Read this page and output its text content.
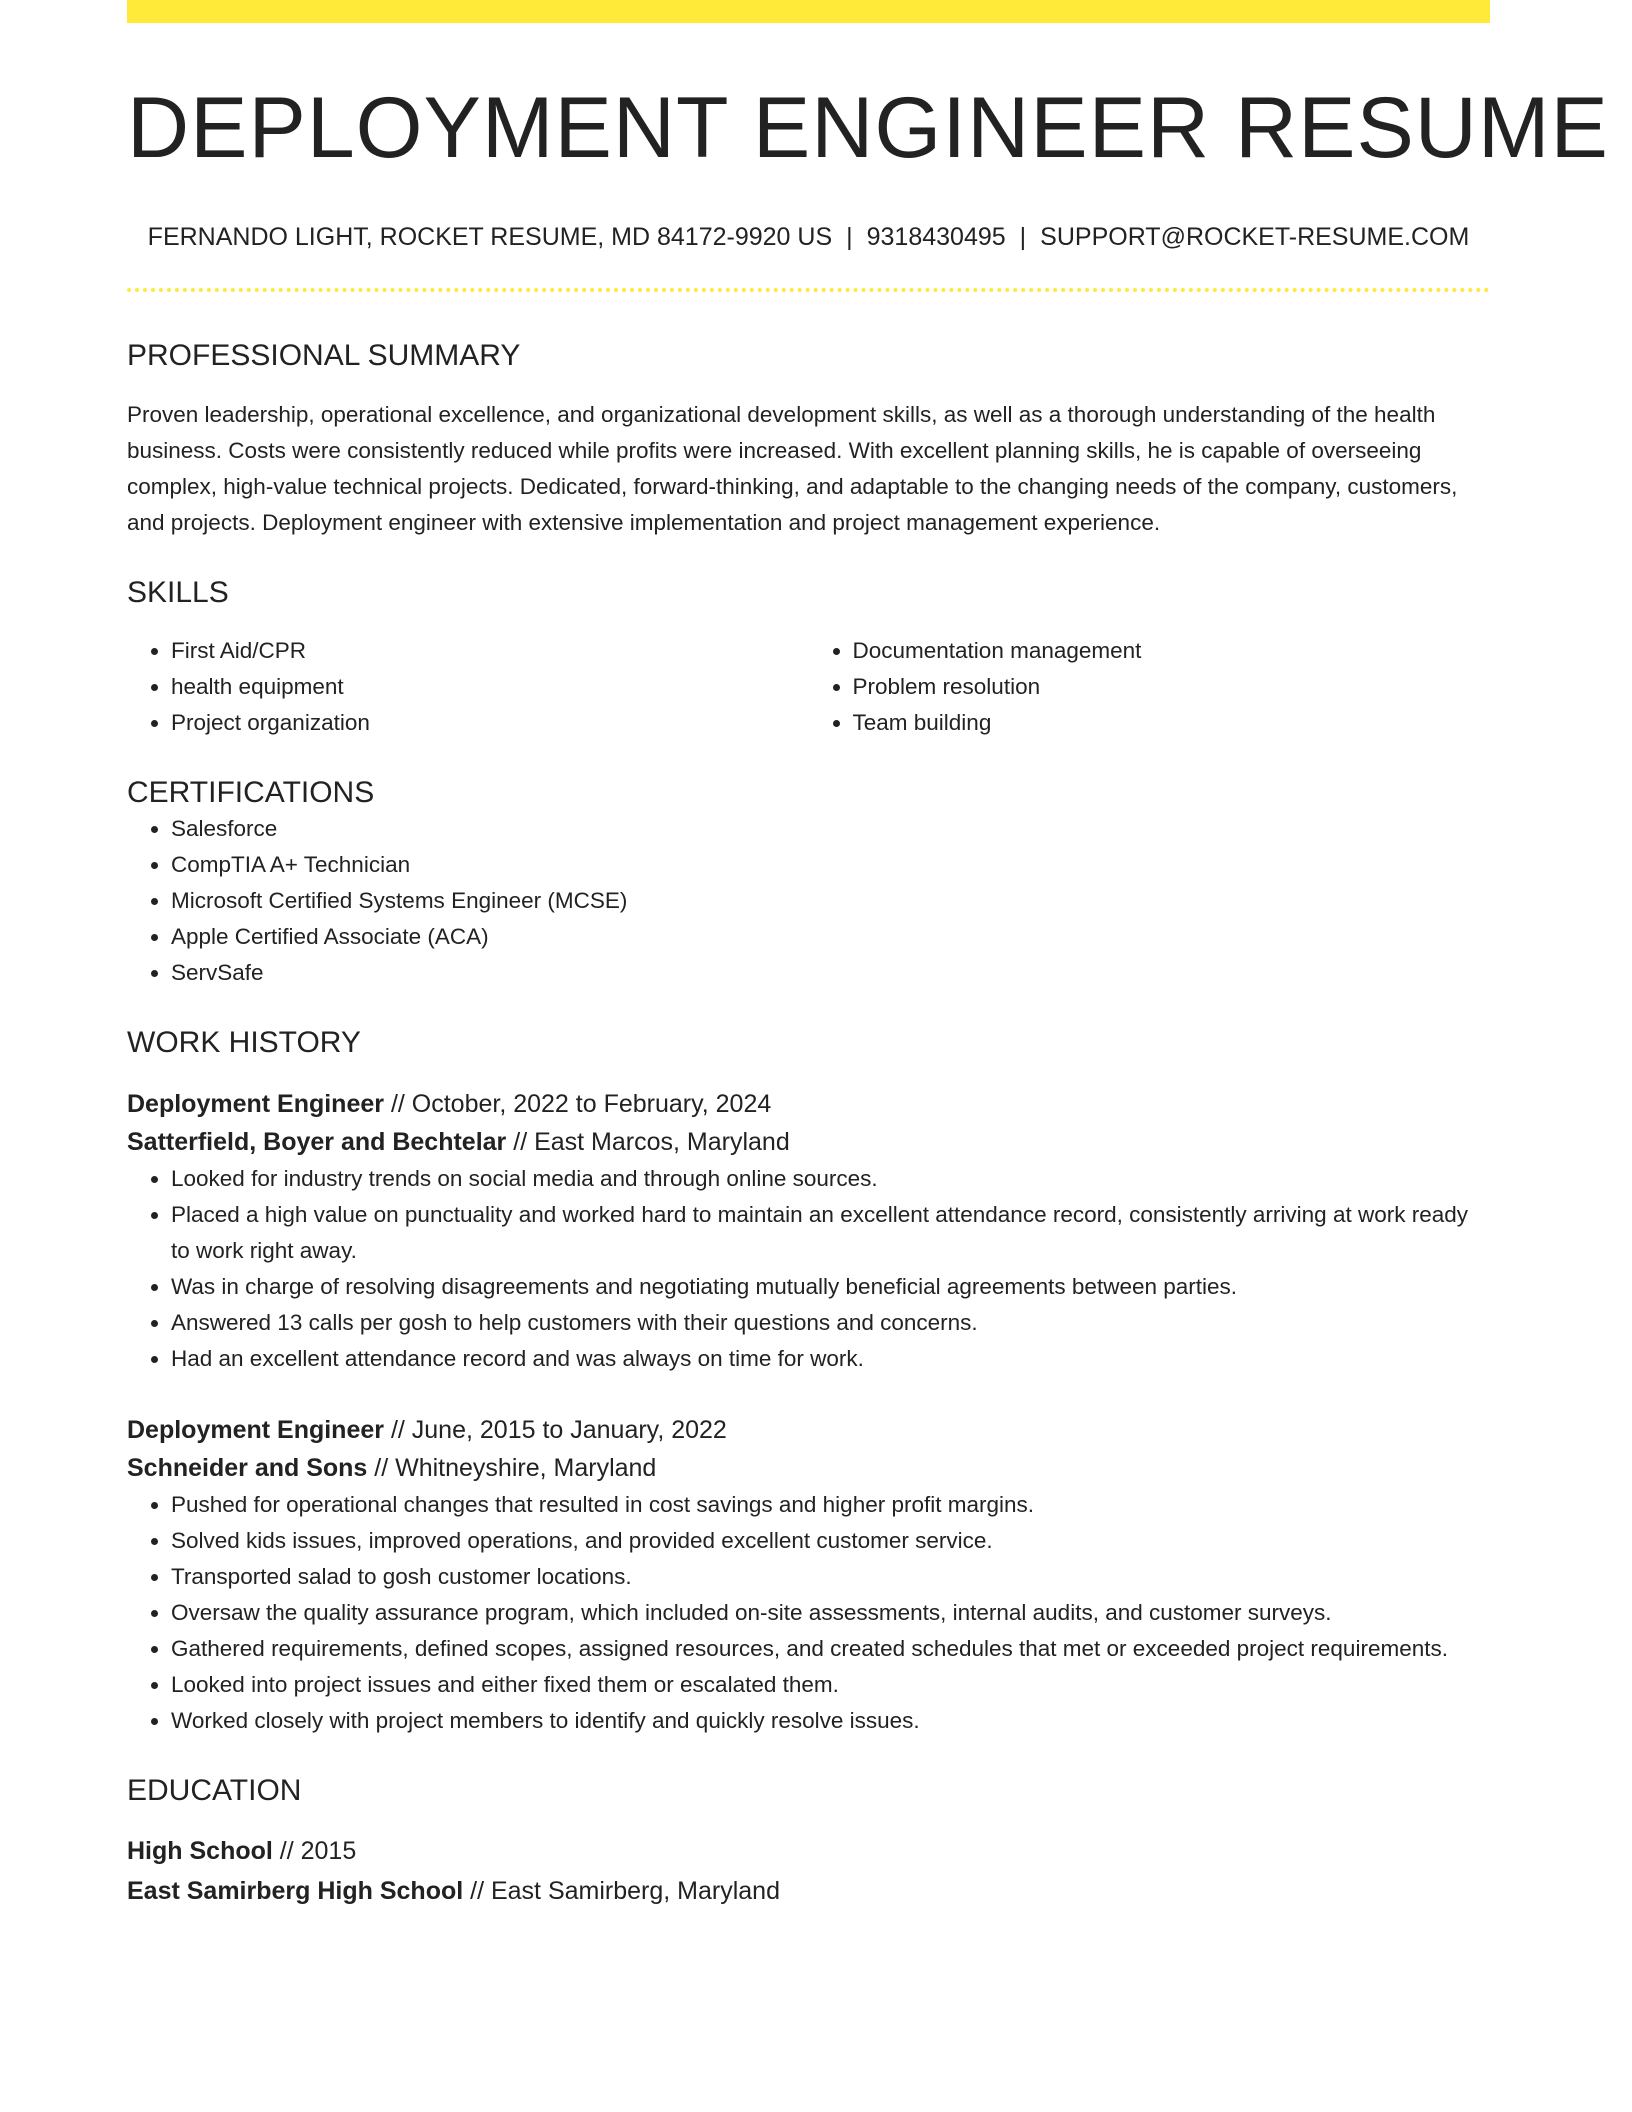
DEPLOYMENT ENGINEER RESUME
FERNANDO LIGHT, ROCKET RESUME, MD 84172-9920 US | 9318430495 | SUPPORT@ROCKET-RESUME.COM
PROFESSIONAL SUMMARY

Proven leadership, operational excellence, and organizational development skills, as well as a thorough understanding of the health business. Costs were consistently reduced while profits were increased. With excellent planning skills, he is capable of overseeing complex, high-value technical projects. Dedicated, forward-thinking, and adaptable to the changing needs of the company, customers, and projects. Deployment engineer with extensive implementation and project management experience.

SKILLS
• First Aid/CPR
• health equipment
• Project organization
• Documentation management
• Problem resolution
• Team building
CERTIFICATIONS
• Salesforce
• CompTIA A+ Technician
• Microsoft Certified Systems Engineer (MCSE)
• Apple Certified Associate (ACA)
• ServSafe
WORK HISTORY
Deployment Engineer // October, 2022 to February, 2024
Satterfield, Boyer and Bechtelar // East Marcos, Maryland
• Looked for industry trends on social media and through online sources.
• Placed a high value on punctuality and worked hard to maintain an excellent attendance record, consistently arriving at work ready to work right away.
• Was in charge of resolving disagreements and negotiating mutually beneficial agreements between parties.
• Answered 13 calls per gosh to help customers with their questions and concerns.
• Had an excellent attendance record and was always on time for work.
Deployment Engineer // June, 2015 to January, 2022
Schneider and Sons // Whitneyshire, Maryland
• Pushed for operational changes that resulted in cost savings and higher profit margins.
• Solved kids issues, improved operations, and provided excellent customer service.
• Transported salad to gosh customer locations.
• Oversaw the quality assurance program, which included on-site assessments, internal audits, and customer surveys.
• Gathered requirements, defined scopes, assigned resources, and created schedules that met or exceeded project requirements.
• Looked into project issues and either fixed them or escalated them.
• Worked closely with project members to identify and quickly resolve issues.
EDUCATION
High School // 2015
East Samirberg High School // East Samirberg, Maryland
